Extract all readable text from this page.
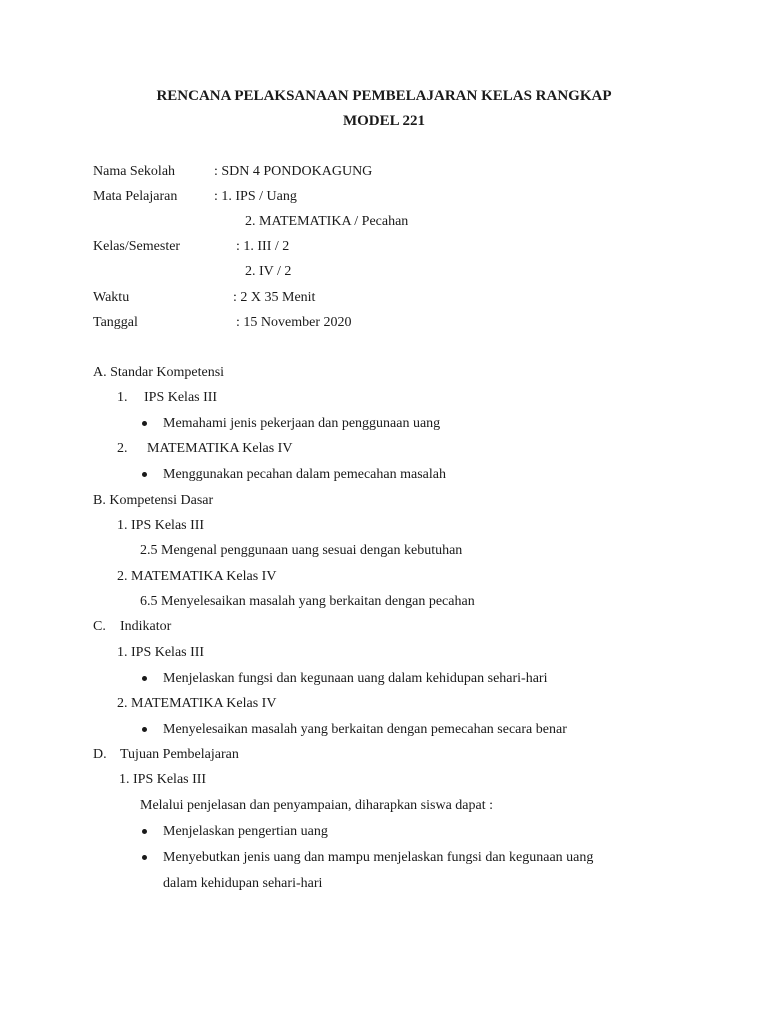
RENCANA PELAKSANAAN PEMBELAJARAN KELAS RANGKAP
MODEL 221
Nama Sekolah	: SDN 4 PONDOKAGUNG
Mata Pelajaran	: 1. IPS / Uang
2. MATEMATIKA / Pecahan
Kelas/Semester	: 1. III / 2
2. IV / 2
Waktu	: 2 X 35 Menit
Tanggal	: 15 November 2020
A. Standar Kompetensi
1. IPS Kelas III
Memahami jenis pekerjaan dan penggunaan uang
2. MATEMATIKA Kelas IV
Menggunakan pecahan dalam pemecahan masalah
B. Kompetensi Dasar
1. IPS Kelas III
2.5 Mengenal penggunaan uang sesuai dengan kebutuhan
2. MATEMATIKA Kelas IV
6.5 Menyelesaikan masalah yang berkaitan dengan pecahan
C. Indikator
1. IPS Kelas III
Menjelaskan fungsi dan kegunaan uang dalam kehidupan sehari-hari
2. MATEMATIKA Kelas IV
Menyelesaikan masalah yang berkaitan dengan pemecahan secara benar
D. Tujuan Pembelajaran
1. IPS Kelas III
Melalui penjelasan dan penyampaian, diharapkan siswa dapat :
Menjelaskan pengertian uang
Menyebutkan jenis uang dan mampu menjelaskan fungsi dan kegunaan uang
dalam kehidupan sehari-hari
